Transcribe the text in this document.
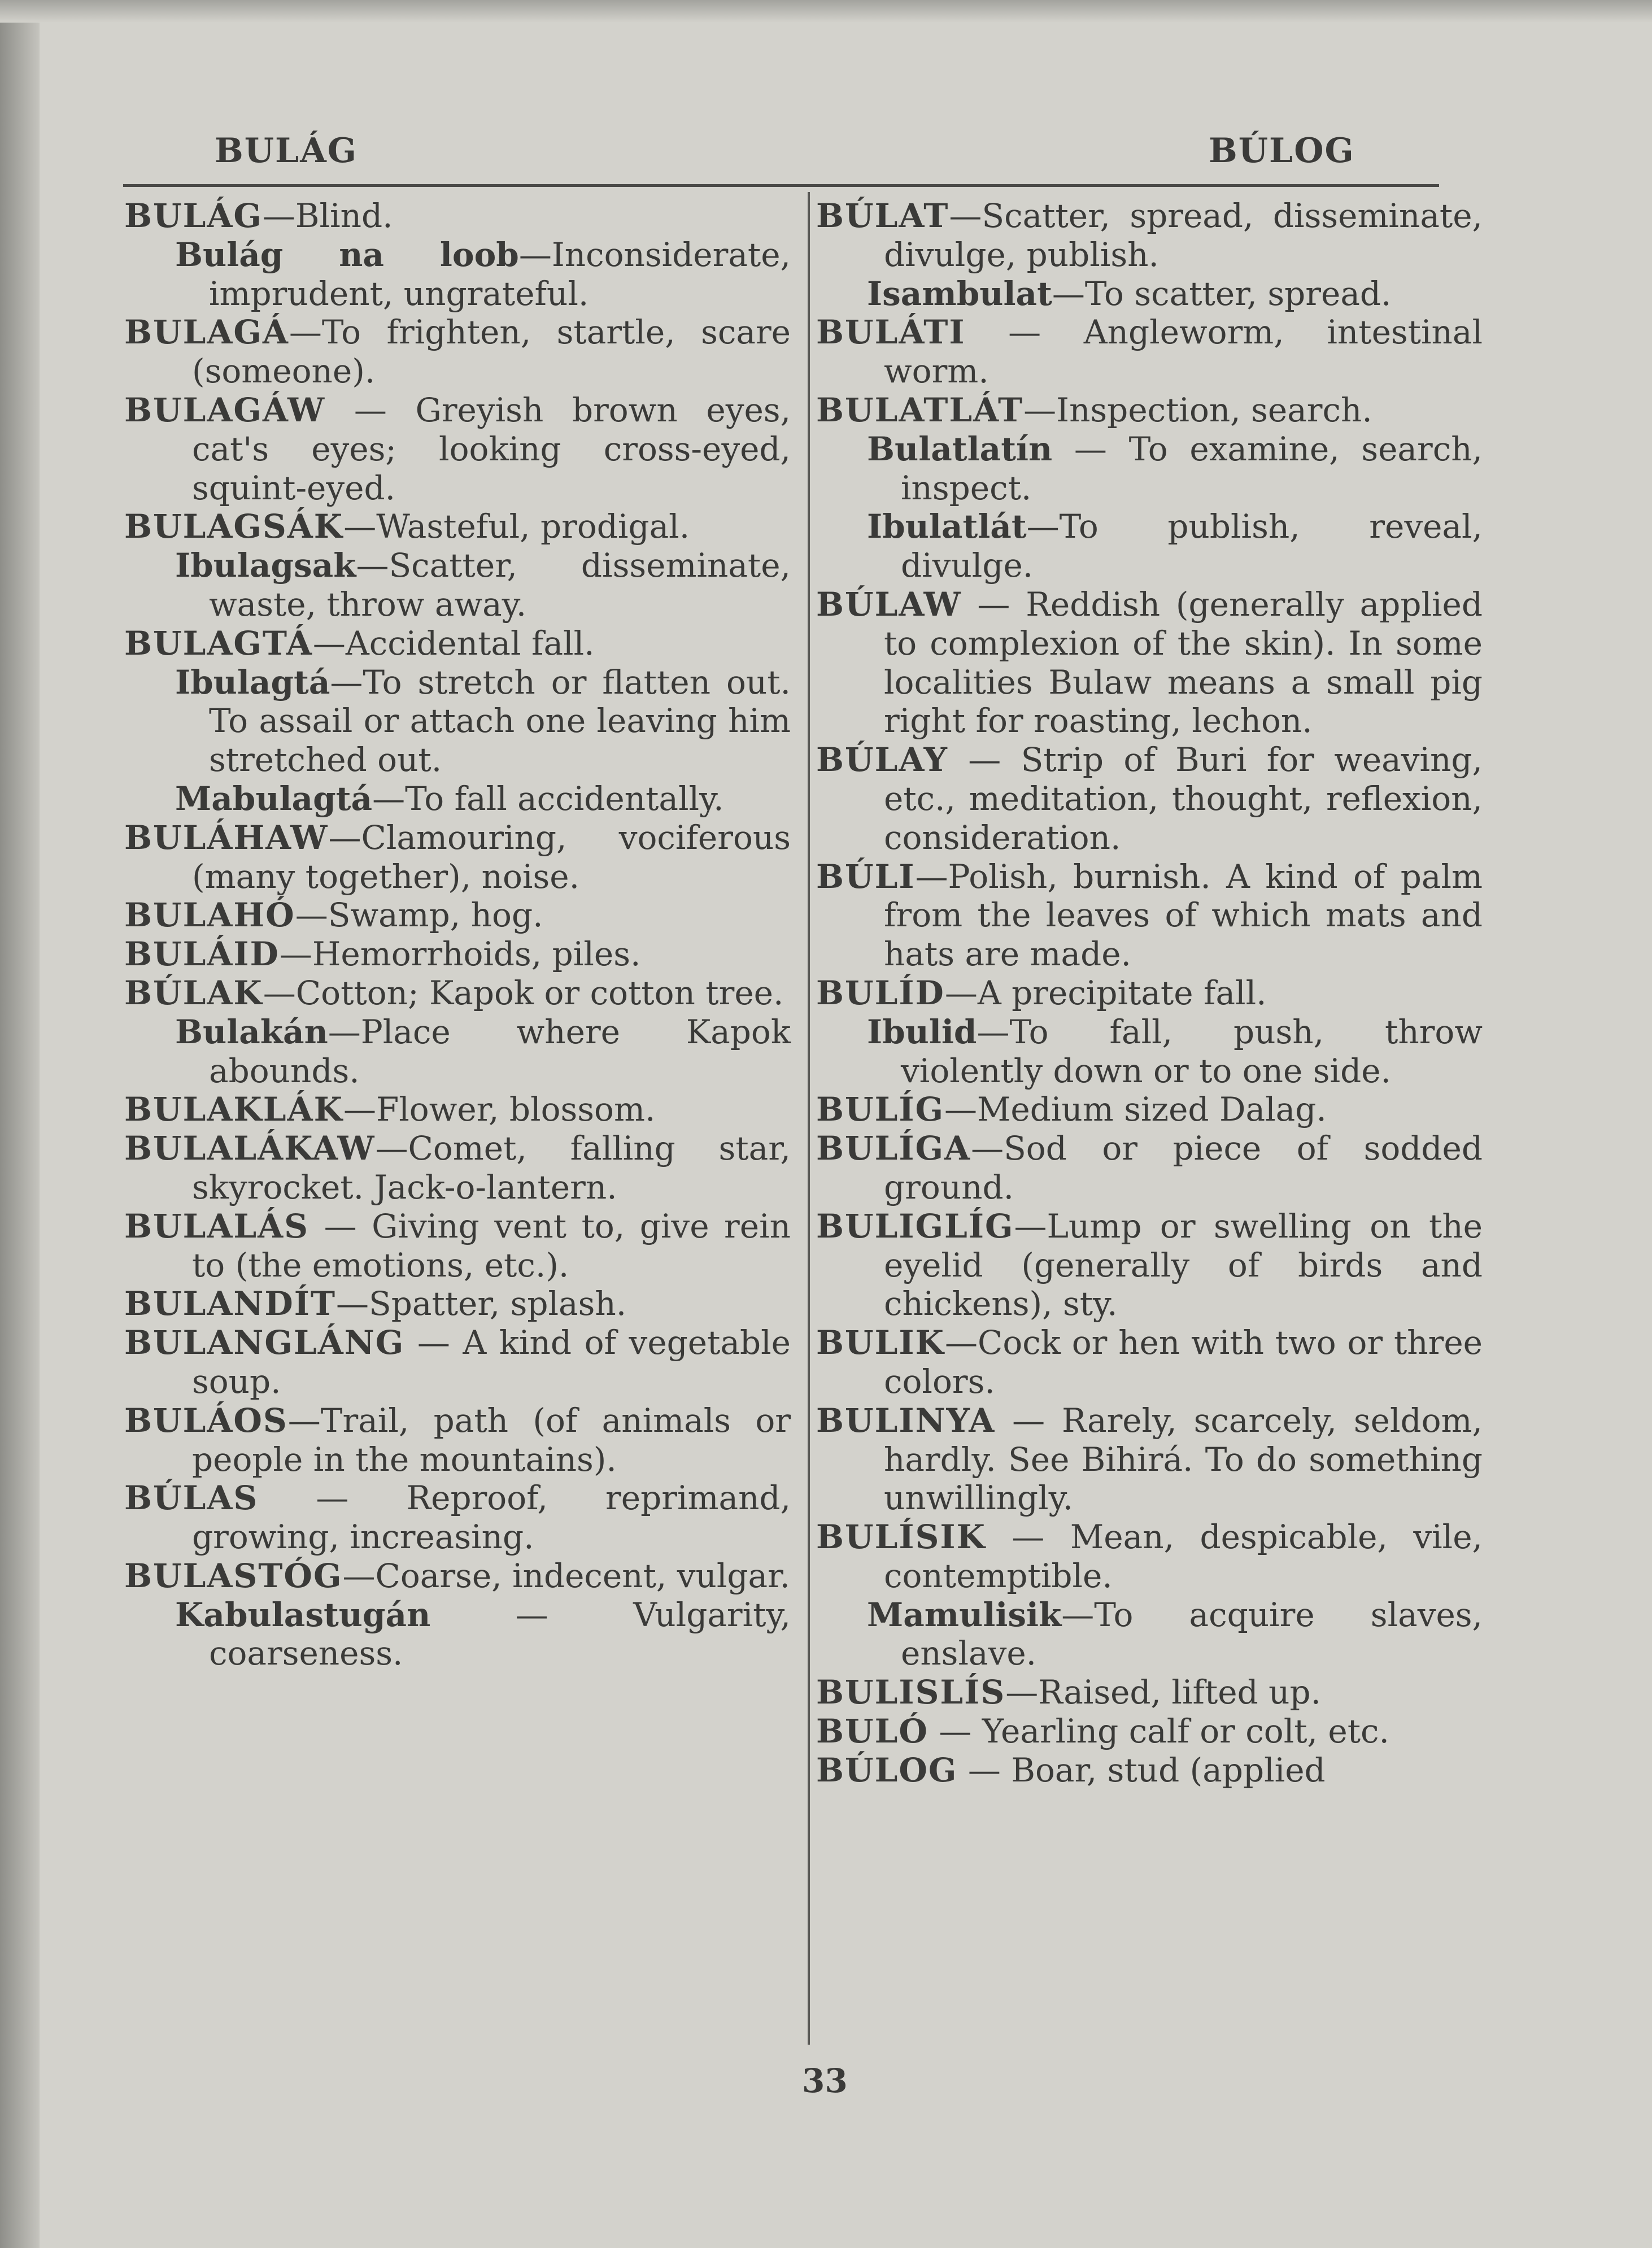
BULÁG	BÚLOG

BULÁG—Blind.

Bulág na loob—Inconsiderate, imprudent, ungrateful.

BULAGÁ—To frighten, startle, scare (someone).

BULAGÁW — Greyish brown eyes, cat's eyes; looking cross-eyed, squint-eyed.

BULAGSÁK—Wasteful, prodigal.

Ibulagsak—Scatter, disseminate, waste, throw away.

BULAGTÁ—Accidental fall.

Ibulagtá—To stretch or flatten out. To assail or attach one leaving him stretched out.

Mabulagtá—To fall accidentally.

BULÁHAW—Clamouring, vociferous (many together), noise.

BULAHÓ—Swamp, hog.

BULÁID—Hemorrhoids, piles.

BÚLAK—Cotton; Kapok or cotton tree.

Bulakán—Place where Kapok abounds.

BULAKLÁK—Flower, blossom.

BULALÁKAW—Comet, falling star, skyrocket. Jack-o-lantern.

BULALÁS — Giving vent to, give rein to (the emotions, etc.).

BULANDÍT—Spatter, splash.

BULANGLÁNG — A kind of vegetable soup.

BULÁOS—Trail, path (of animals or people in the mountains).

BÚLAS — Reproof, reprimand, growing, increasing.

BULASTÓG—Coarse, indecent, vulgar.

Kabulastugán — Vulgarity, coarseness.

BÚLAT—Scatter, spread, disseminate, divulge, publish.

Isambulat—To scatter, spread.

BULÁTI — Angleworm, intestinal worm.

BULATLÁT—Inspection, search.

Bulatlatín — To examine, search, inspect.

Ibulatlát—To publish, reveal, divulge.

BÚLAW — Reddish (generally applied to complexion of the skin). In some localities Bulaw means a small pig right for roasting, lechon.

BÚLAY — Strip of Buri for weaving, etc., meditation, thought, reflexion, consideration.

BÚLI—Polish, burnish. A kind of palm from the leaves of which mats and hats are made.

BULÍD—A precipitate fall.

Ibulid—To fall, push, throw violently down or to one side.

BULÍG—Medium sized Dalag.

BULÍGA—Sod or piece of sodded ground.

BULIGLÍG—Lump or swelling on the eyelid (generally of birds and chickens), sty.

BULIK—Cock or hen with two or three colors.

BULINYA — Rarely, scarcely, seldom, hardly. See Bihirá. To do something unwillingly.

BULÍSIK — Mean, despicable, vile, contemptible.

Mamulisik—To acquire slaves, enslave.

BULISLÍS—Raised, lifted up.

BULÓ — Yearling calf or colt, etc.

BÚLOG — Boar, stud (applied

33
